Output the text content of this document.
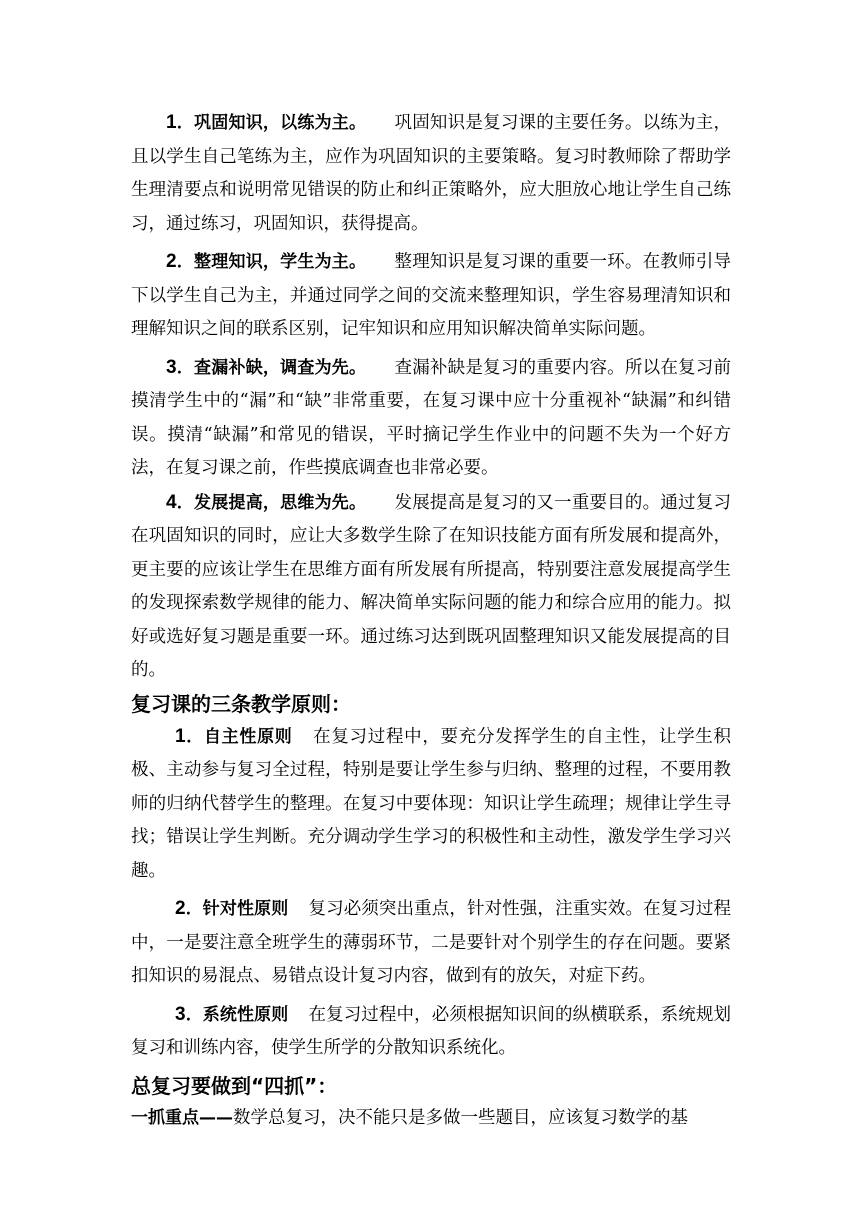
1．巩固知识，以练为主。 巩固知识是复习课的主要任务。以练为主，且以学生自己笔练为主，应作为巩固知识的主要策略。复习时教师除了帮助学生理清要点和说明常见错误的防止和纠正策略外，应大胆放心地让学生自己练习，通过练习，巩固知识，获得提高。

2．整理知识，学生为主。 整理知识是复习课的重要一环。在教师引导下以学生自己为主，并通过同学之间的交流来整理知识，学生容易理清知识和理解知识之间的联系区别，记牢知识和应用知识解决简单实际问题。

3．查漏补缺，调查为先。 查漏补缺是复习的重要内容。所以在复习前摸清学生中的“漏”和“缺”非常重要，在复习课中应十分重视补“缺漏”和纠错误。摸清“缺漏”和常见的错误，平时摘记学生作业中的问题不失为一个好方法，在复习课之前，作些摸底调查也非常必要。

4．发展提高，思维为先。 发展提高是复习的又一重要目的。通过复习在巩固知识的同时，应让大多数学生除了在知识技能方面有所发展和提高外，更主要的应该让学生在思维方面有所发展有所提高，特别要注意发展提高学生的发现探索数学规律的能力、解决简单实际问题的能力和综合应用的能力。拟好或选好复习题是重要一环。通过练习达到既巩固整理知识又能发展提高的目的。

复习课的三条教学原则：

1．自主性原则 在复习过程中，要充分发挥学生的自主性，让学生积极、主动参与复习全过程，特别是要让学生参与归纳、整理的过程，不要用教师的归纳代替学生的整理。在复习中要体现：知识让学生疏理；规律让学生寻找；错误让学生判断。充分调动学生学习的积极性和主动性，激发学生学习兴趣。

2．针对性原则 复习必须突出重点，针对性强，注重实效。在复习过程中，一是要注意全班学生的薄弱环节，二是要针对个别学生的存在问题。要紧扣知识的易混点、易错点设计复习内容，做到有的放矢，对症下药。

3．系统性原则 在复习过程中，必须根据知识间的纵横联系，系统规划复习和训练内容，使学生所学的分散知识系统化。

总复习要做到“四抓”：

一抓重点——数学总复习，决不能只是多做一些题目，应该复习数学的基
